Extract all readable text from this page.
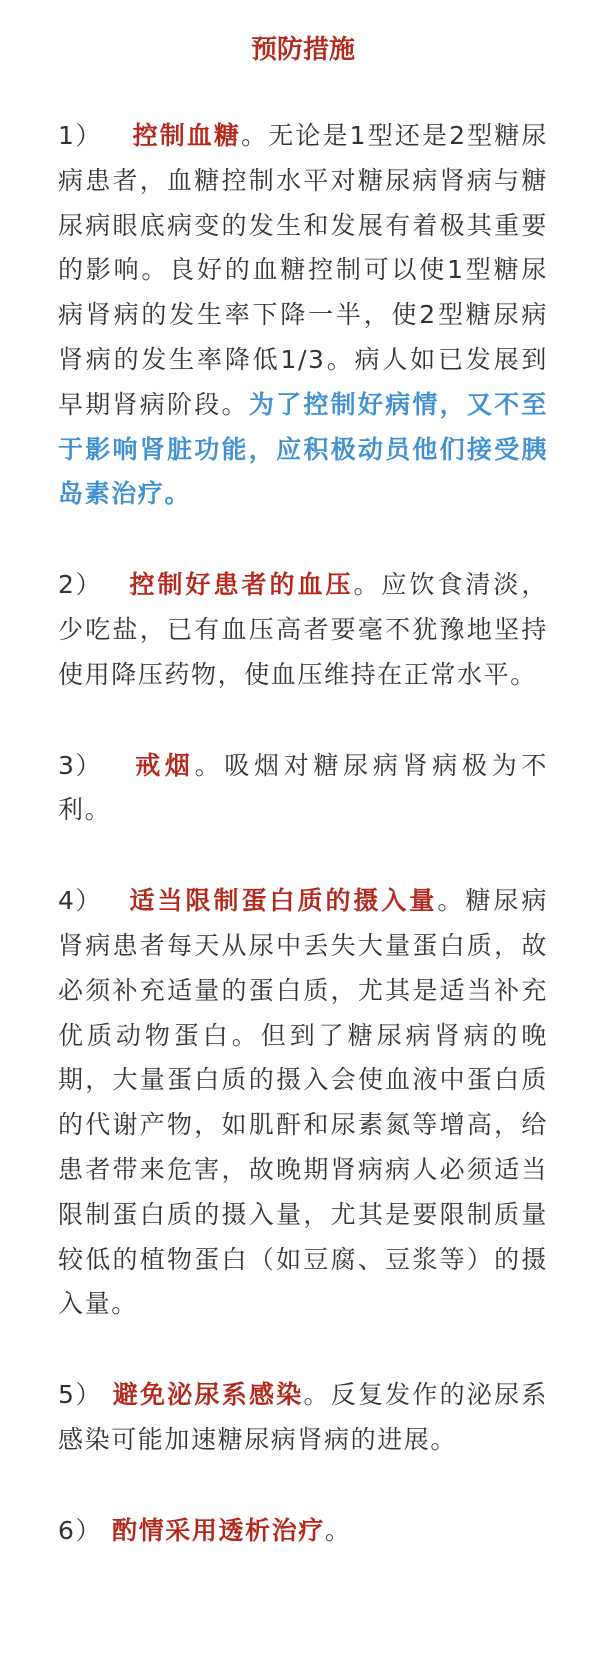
预防措施

1） 控制血糖。无论是1型还是2型糖尿病患者，血糖控制水平对糖尿病肾病与糖尿病眼底病变的发生和发展有着极其重要的影响。良好的血糖控制可以使1型糖尿病肾病的发生率下降一半，使2型糖尿病肾病的发生率降低1/3。病人如已发展到早期肾病阶段。为了控制好病情，又不至于影响肾脏功能，应积极动员他们接受胰岛素治疗。

2） 控制好患者的血压。应饮食清淡，少吃盐，已有血压高者要毫不犹豫地坚持使用降压药物，使血压维持在正常水平。

3） 戒烟。吸烟对糖尿病肾病极为不利。

4） 适当限制蛋白质的摄入量。糖尿病肾病患者每天从尿中丢失大量蛋白质，故必须补充适量的蛋白质，尤其是适当补充优质动物蛋白。但到了糖尿病肾病的晚期，大量蛋白质的摄入会使血液中蛋白质的代谢产物，如肌酐和尿素氮等增高，给患者带来危害，故晚期肾病病人必须适当限制蛋白质的摄入量，尤其是要限制质量较低的植物蛋白（如豆腐、豆浆等）的摄入量。

5） 避免泌尿系感染。反复发作的泌尿系感染可能加速糖尿病肾病的进展。

6） 酌情采用透析治疗。
